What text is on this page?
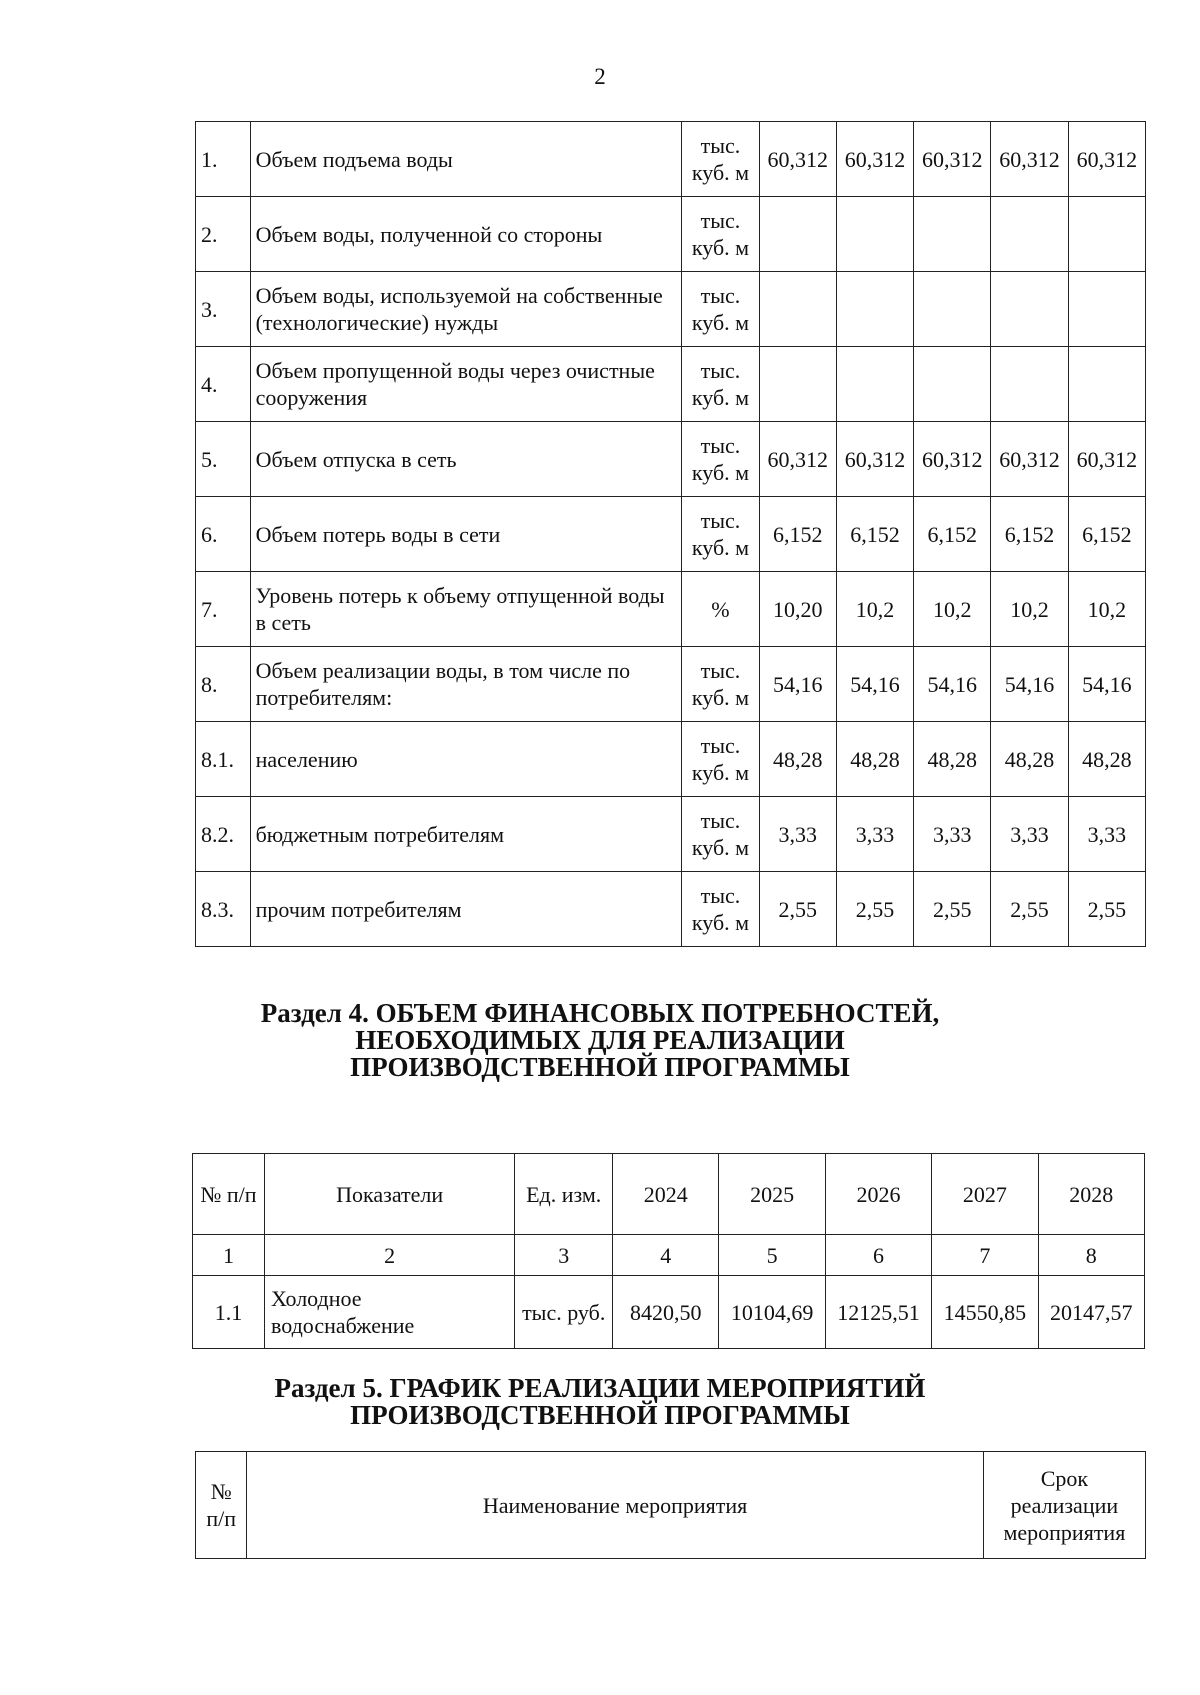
2
1.	Объем подъема воды	тыс. куб. м	60,312	60,312	60,312	60,312	60,312
2.	Объем воды, полученной со стороны	тыс. куб. м					
3.	Объем воды, используемой на собственные (технологические) нужды	тыс. куб. м					
4.	Объем пропущенной воды через очистные сооружения	тыс. куб. м					
5.	Объем отпуска в сеть	тыс. куб. м	60,312	60,312	60,312	60,312	60,312
6.	Объем потерь воды в сети	тыс. куб. м	6,152	6,152	6,152	6,152	6,152
7.	Уровень потерь к объему отпущенной воды в сеть	%	10,20	10,2	10,2	10,2	10,2
8.	Объем реализации воды, в том числе по потребителям:	тыс. куб. м	54,16	54,16	54,16	54,16	54,16
8.1.	населению	тыс. куб. м	48,28	48,28	48,28	48,28	48,28
8.2.	бюджетным потребителям	тыс. куб. м	3,33	3,33	3,33	3,33	3,33
8.3.	прочим потребителям	тыс. куб. м	2,55	2,55	2,55	2,55	2,55
Раздел 4. ОБЪЕМ ФИНАНСОВЫХ ПОТРЕБНОСТЕЙ,
НЕОБХОДИМЫХ ДЛЯ РЕАЛИЗАЦИИ
ПРОИЗВОДСТВЕННОЙ ПРОГРАММЫ
№ п/п	Показатели	Ед. изм.	2024	2025	2026	2027	2028
1	2	3	4	5	6	7	8
1.1	Холодное водоснабжение	тыс. руб.	8420,50	10104,69	12125,51	14550,85	20147,57
Раздел 5. ГРАФИК РЕАЛИЗАЦИИ МЕРОПРИЯТИЙ
ПРОИЗВОДСТВЕННОЙ ПРОГРАММЫ
№ п/п	Наименование мероприятия	Срок реализации мероприятия
